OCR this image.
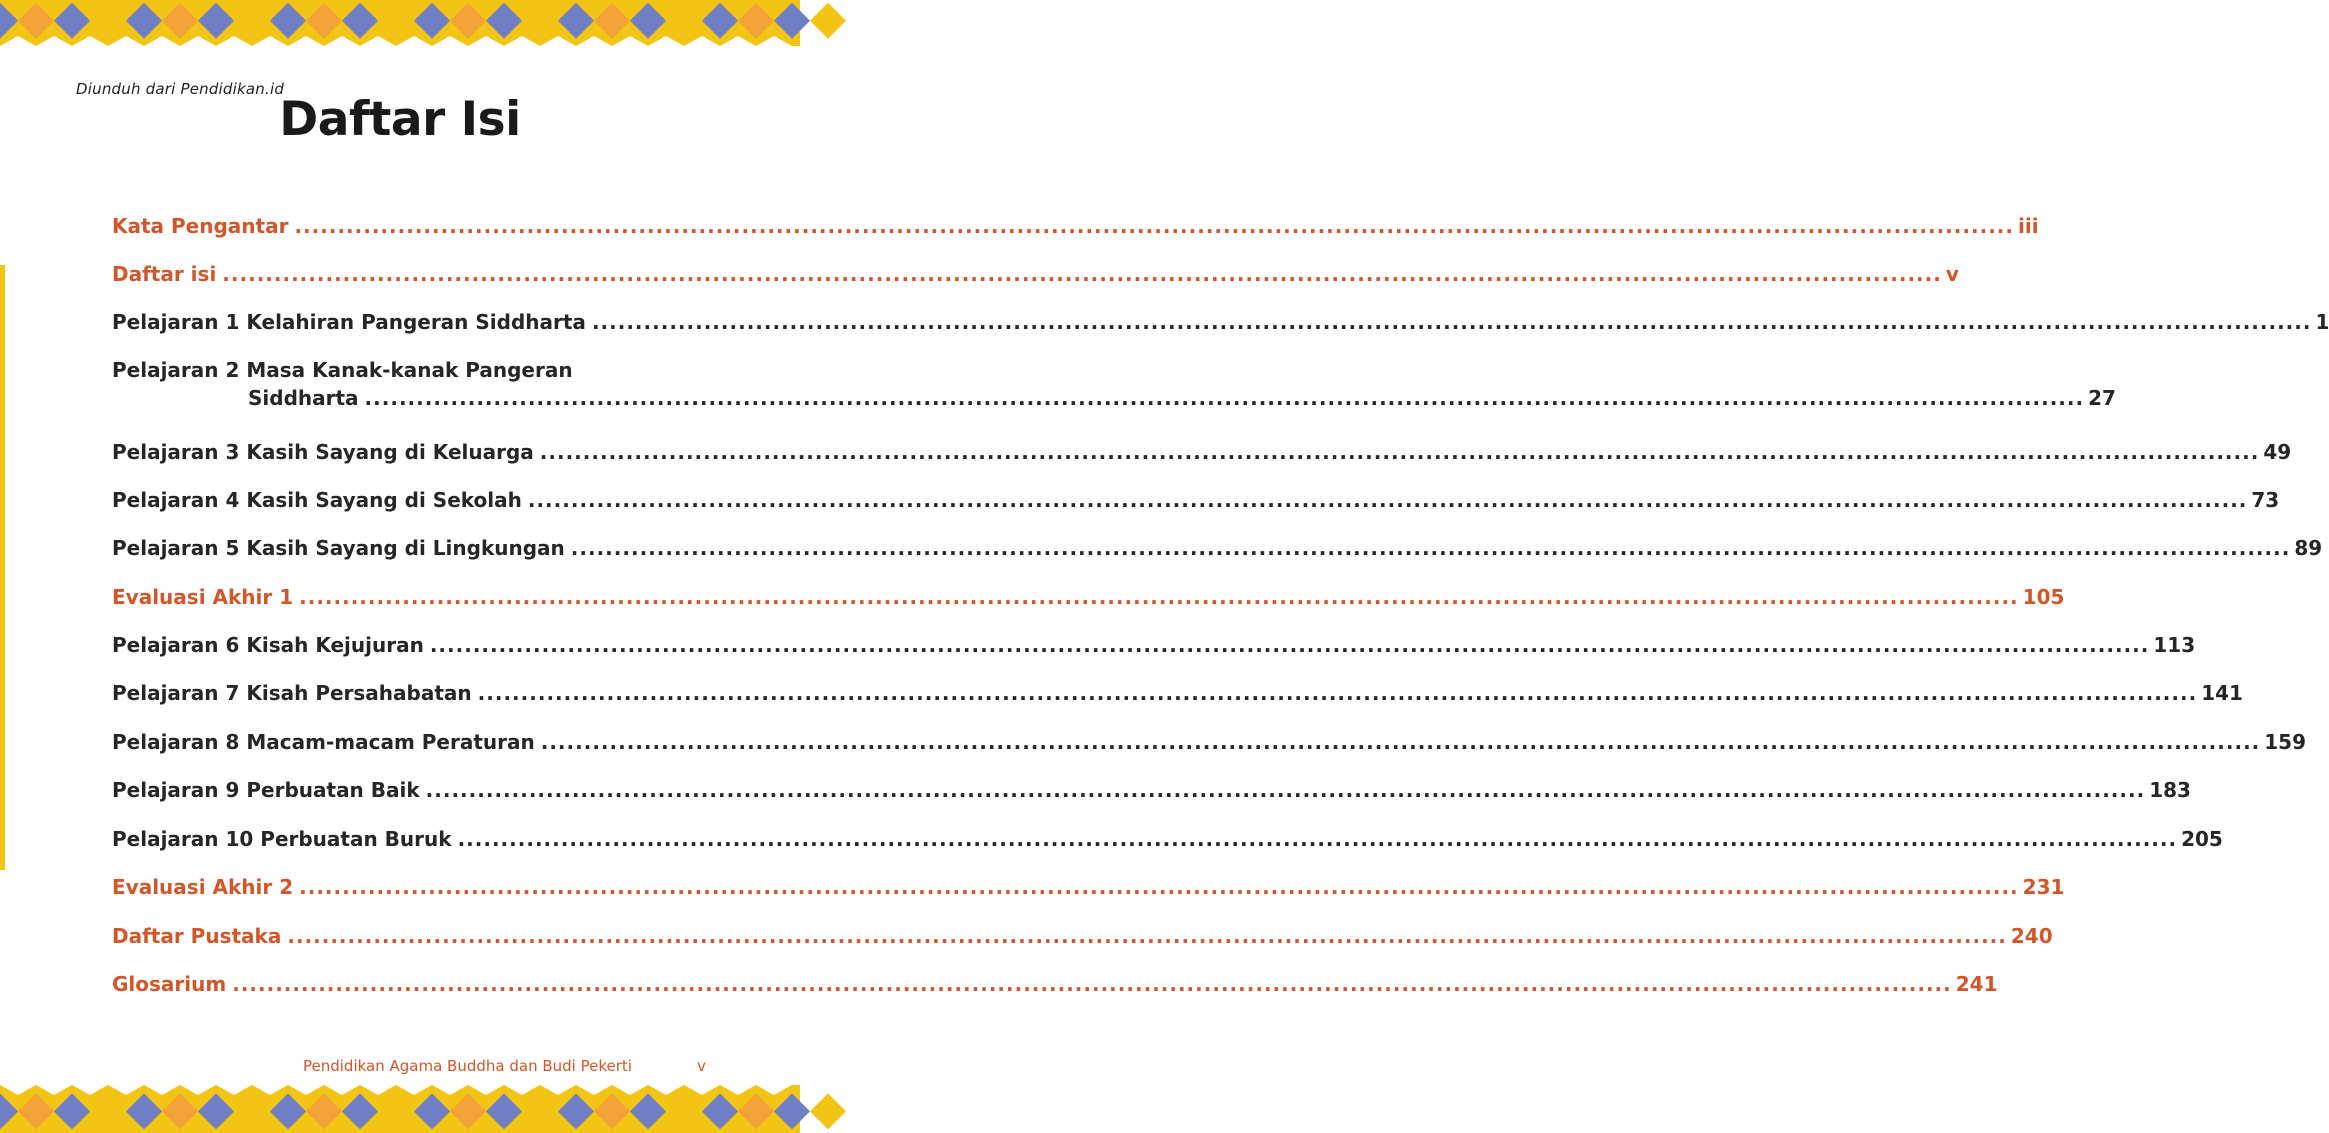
Diunduh dari Pendidikan.id
Daftar Isi
Kata Pengantar ........................................................................................................................................................................................................ iii
Daftar isi ........................................................................................................................................................................................................ v
Pelajaran 1 Kelahiran Pangeran Siddharta ........................................................................................................................................................................................................ 1
Pelajaran 2 Masa Kanak-kanak Pangeran
Siddharta ........................................................................................................................................................................................................ 27
Pelajaran 3 Kasih Sayang di Keluarga ........................................................................................................................................................................................................ 49
Pelajaran 4 Kasih Sayang di Sekolah ........................................................................................................................................................................................................ 73
Pelajaran 5 Kasih Sayang di Lingkungan ........................................................................................................................................................................................................ 89
Evaluasi Akhir 1 ........................................................................................................................................................................................................ 105
Pelajaran 6 Kisah Kejujuran ........................................................................................................................................................................................................ 113
Pelajaran 7 Kisah Persahabatan ........................................................................................................................................................................................................ 141
Pelajaran 8 Macam-macam Peraturan ........................................................................................................................................................................................................ 159
Pelajaran 9 Perbuatan Baik ........................................................................................................................................................................................................ 183
Pelajaran 10 Perbuatan Buruk ........................................................................................................................................................................................................ 205
Evaluasi Akhir 2 ........................................................................................................................................................................................................ 231
Daftar Pustaka ........................................................................................................................................................................................................ 240
Glosarium ........................................................................................................................................................................................................ 241
Pendidikan Agama Buddha dan Budi Pekerti	v
